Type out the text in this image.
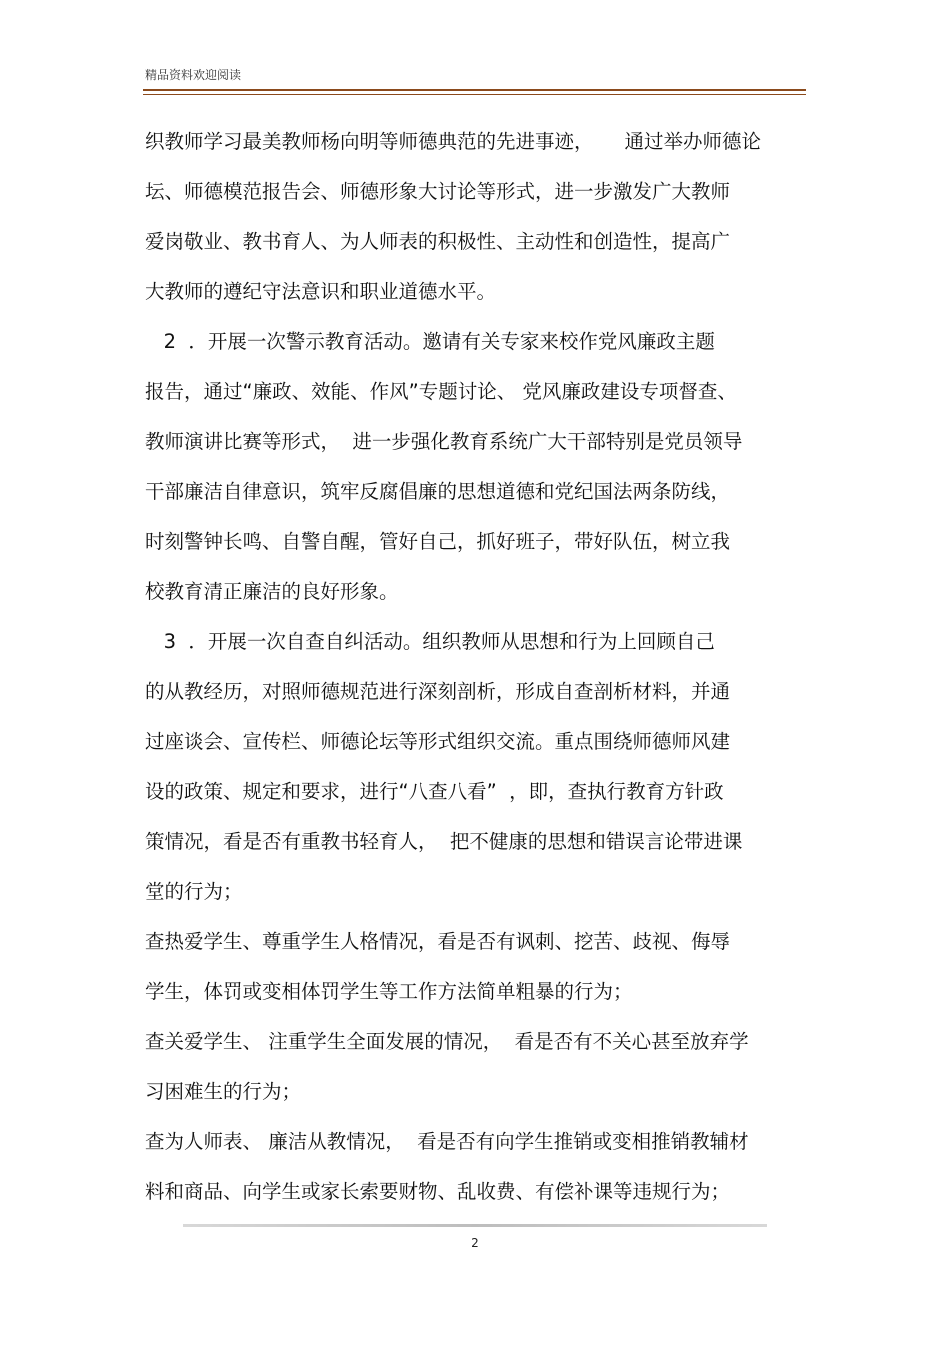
精品资料欢迎阅读
织教师学习最美教师杨向明等师德典范的先进事迹，     通过举办师德论
坛、师德模范报告会、师德形象大讨论等形式，进一步激发广大教师
爱岗敬业、教书育人、为人师表的积极性、主动性和创造性，提高广
大教师的遵纪守法意识和职业道德水平。
2  ．开展一次警示教育活动。邀请有关专家来校作党风廉政主题
报告，通过“廉政、效能、作风”专题讨论、 党风廉政建设专项督查、
教师演讲比赛等形式，  进一步强化教育系统广大干部特别是党员领导
干部廉洁自律意识，筑牢反腐倡廉的思想道德和党纪国法两条防线，
时刻警钟长鸣、自警自醒，管好自己，抓好班子，带好队伍，树立我
校教育清正廉洁的良好形象。
3  ．开展一次自查自纠活动。组织教师从思想和行为上回顾自己
的从教经历，对照师德规范进行深刻剖析，形成自查剖析材料，并通
过座谈会、宣传栏、师德论坛等形式组织交流。重点围绕师德师风建
设的政策、规定和要求，进行“八查八看”  ，即，查执行教育方针政
策情况，看是否有重教书轻育人，  把不健康的思想和错误言论带进课
堂的行为；
查热爱学生、尊重学生人格情况，看是否有讽刺、挖苦、歧视、侮辱
学生，体罚或变相体罚学生等工作方法简单粗暴的行为；
查关爱学生、 注重学生全面发展的情况，  看是否有不关心甚至放弃学
习困难生的行为；
查为人师表、 廉洁从教情况，  看是否有向学生推销或变相推销教辅材
料和商品、向学生或家长索要财物、乱收费、有偿补课等违规行为；
2
